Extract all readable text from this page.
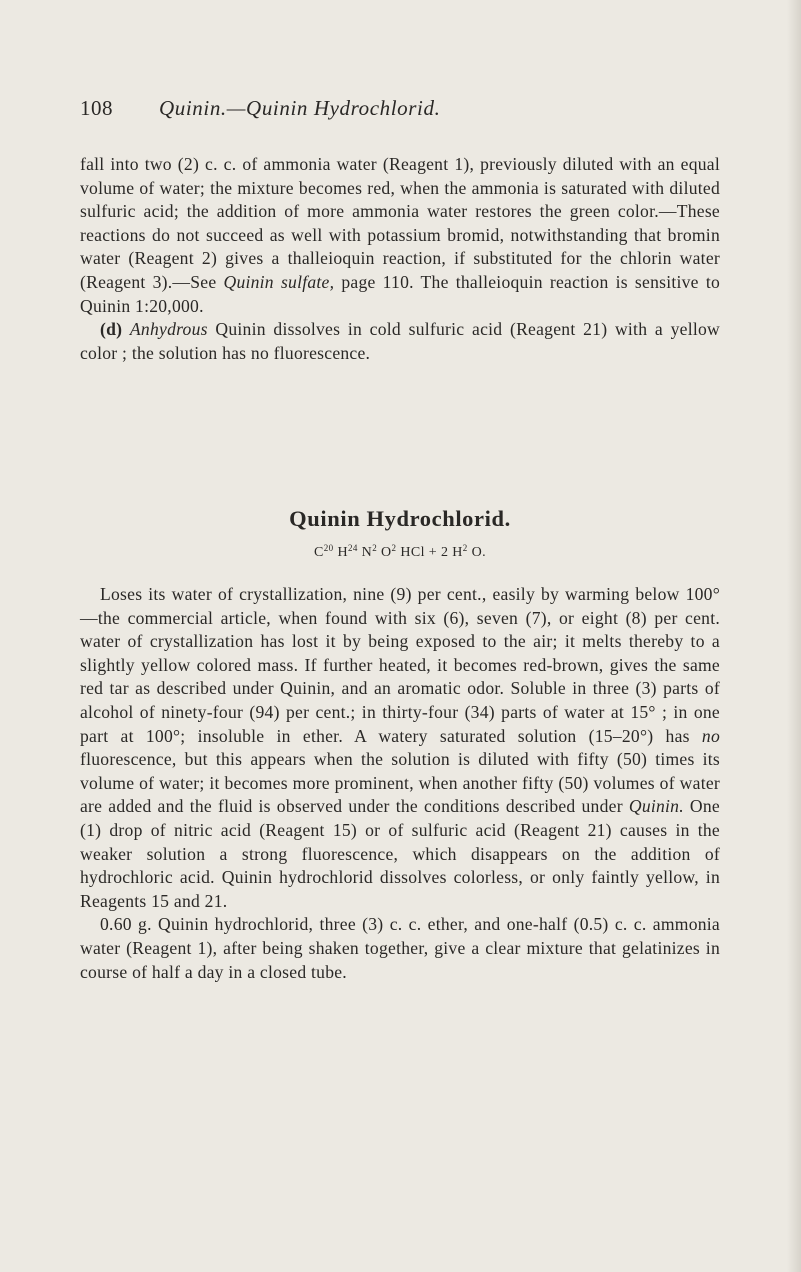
108 Quinin.—Quinin Hydrochlorid.

fall into two (2) c. c. of ammonia water (Reagent 1), previously diluted with an equal volume of water; the mixture becomes red, when the ammonia is saturated with diluted sulfuric acid; the addition of more ammonia water restores the green color.—These reactions do not succeed as well with potassium bromid, notwithstanding that bromin water (Reagent 2) gives a thalleioquin reaction, if substituted for the chlorin water (Reagent 3).—See Quinin sulfate, page 110. The thalleioquin reaction is sensitive to Quinin 1:20,000.

(d) Anhydrous Quinin dissolves in cold sulfuric acid (Reagent 21) with a yellow color ; the solution has no fluorescence.

Quinin Hydrochlorid.
$C^{20}$ $H^{24}$ $N^2$ $O^2$ HCl + 2 $H^2$ O.

Loses its water of crystallization, nine (9) per cent., easily by warming below 100°—the commercial article, when found with six (6), seven (7), or eight (8) per cent. water of crystallization has lost it by being exposed to the air; it melts thereby to a slightly yellow colored mass. If further heated, it becomes red-brown, gives the same red tar as described under Quinin, and an aromatic odor. Soluble in three (3) parts of alcohol of ninety-four (94) per cent.; in thirty-four (34) parts of water at 15° ; in one part at 100°; insoluble in ether. A watery saturated solution (15–20°) has no fluorescence, but this appears when the solution is diluted with fifty (50) times its volume of water; it becomes more prominent, when another fifty (50) volumes of water are added and the fluid is observed under the conditions described under Quinin. One (1) drop of nitric acid (Reagent 15) or of sulfuric acid (Reagent 21) causes in the weaker solution a strong fluorescence, which disappears on the addition of hydrochloric acid. Quinin hydrochlorid dissolves colorless, or only faintly yellow, in Reagents 15 and 21.

0.60 g. Quinin hydrochlorid, three (3) c. c. ether, and one-half (0.5) c. c. ammonia water (Reagent 1), after being shaken together, give a clear mixture that gelatinizes in course of half a day in a closed tube.
